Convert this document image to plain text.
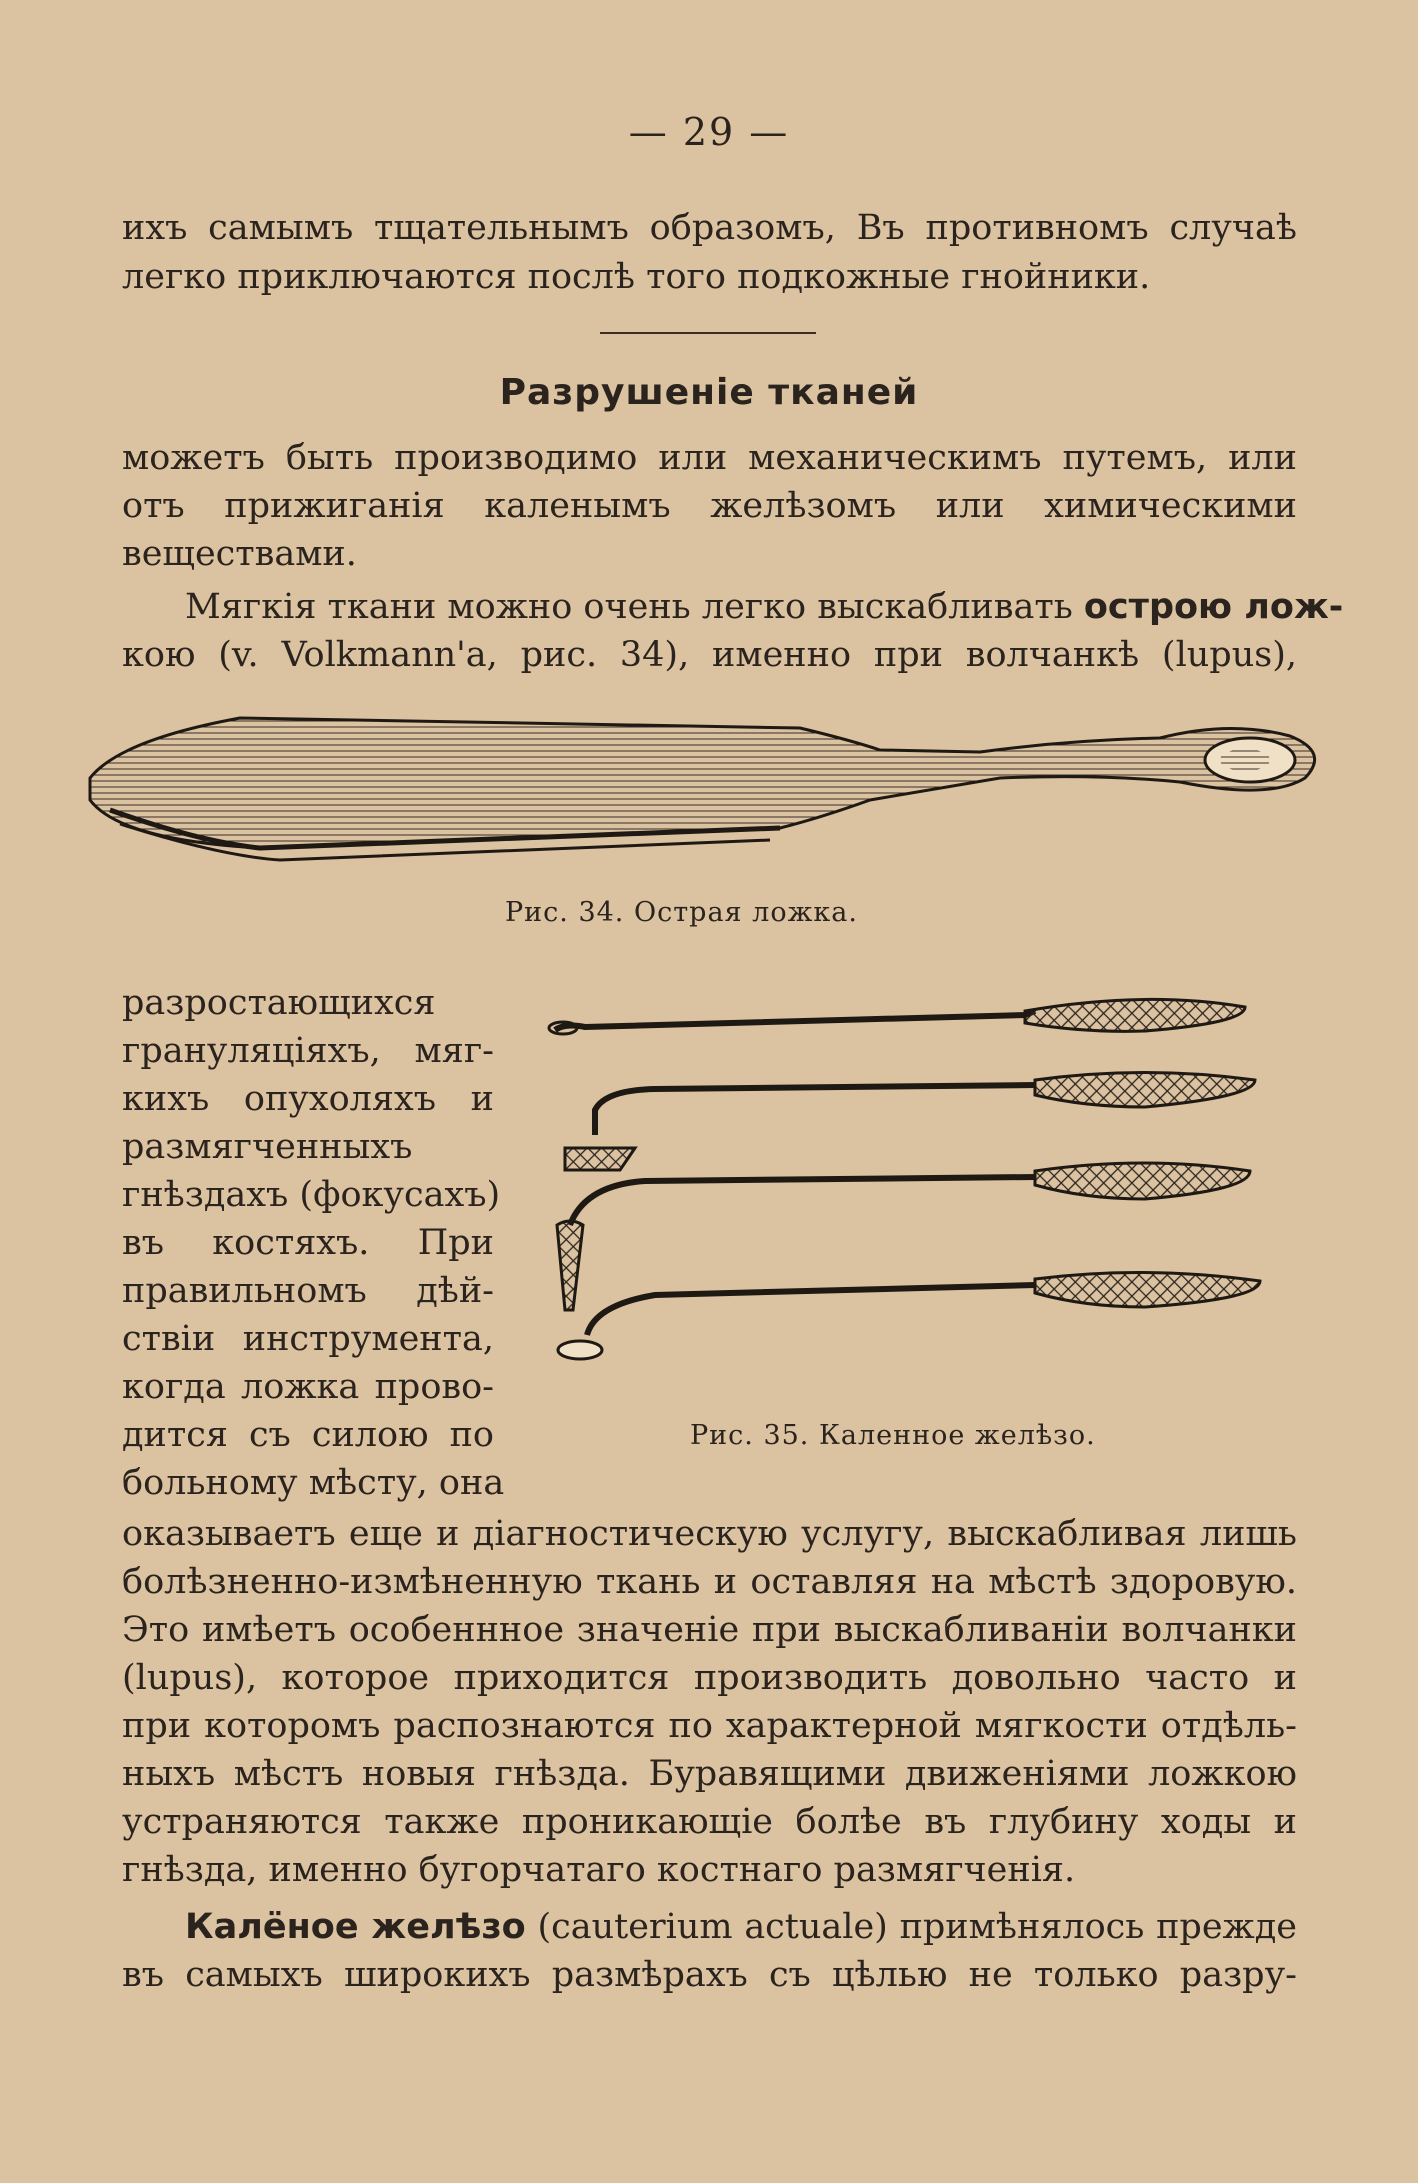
— 29 —
ихъ самымъ тщательнымъ образомъ, Въ противномъ случаѣ
легко приключаются послѣ того подкожные гнойники.
Разрушеніе тканей
можетъ быть производимо или механическимъ путемъ, или
отъ прижиганія каленымъ желѣзомъ или химическими
веществами.
Мягкія ткани можно очень легко выскабливать острою лож-
кою (v. Volkmann'a, рис. 34), именно при волчанкѣ (lupus),
Рис. 34. Острая ложка.
разростающихся
грануляціяхъ, мяг-
кихъ опухоляхъ и
размягченныхъ
гнѣздахъ (фокусахъ)
въ костяхъ. При
правильномъ дѣй-
ствіи инструмента,
когда ложка прово-
дится съ силою по
больному мѣсту, она
Рис. 35. Каленное желѣзо.
оказываетъ еще и діагностическую услугу, выскабливая лишь
болѣзненно-измѣненную ткань и оставляя на мѣстѣ здоровую.
Это имѣетъ особеннное значеніе при выскабливаніи волчанки
(lupus), которое приходится производить довольно часто и
при которомъ распознаются по характерной мягкости отдѣль-
ныхъ мѣстъ новыя гнѣзда. Буравящими движеніями ложкою
устраняются также проникающіе болѣе въ глубину ходы и
гнѣзда, именно бугорчатаго костнаго размягченія.
Калёное желѣзо (cauterium actuale) примѣнялось прежде
въ самыхъ широкихъ размѣрахъ съ цѣлью не только разру-
